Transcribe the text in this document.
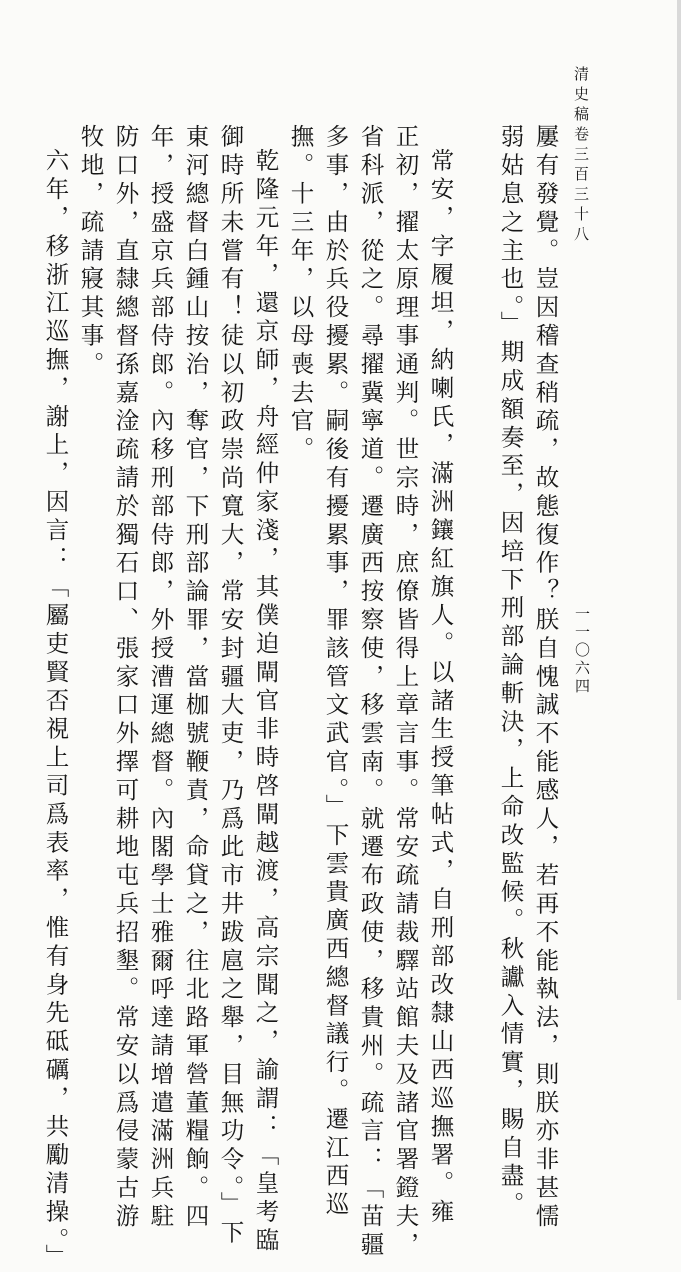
清史稿卷三百三十八
一一〇六四
屢有發覺。豈因稽查稍疏，故態復作？朕自愧誠不能感人，若再不能執法，則朕亦非甚懦
弱姑息之主也。」期成額奏至，因培下刑部論斬決，上命改監候。秋讞入情實，賜自盡。
常安，字履坦，納喇氏，滿洲鑲紅旗人。以諸生授筆帖式，自刑部改隸山西巡撫署。雍
正初，擢太原理事通判。世宗時，庶僚皆得上章言事。常安疏請裁驛站館夫及諸官署鐙夫，
省科派，從之。尋擢冀寧道。遷廣西按察使，移雲南。就遷布政使，移貴州。疏言：「苗疆
多事，由於兵役擾累。嗣後有擾累事，罪該管文武官。」下雲貴廣西總督議行。遷江西巡
撫。十三年，以母喪去官。
乾隆元年，還京師，舟經仲家淺，其僕迫閘官非時啓閘越渡，高宗聞之，諭謂：「皇考臨
御時所未嘗有！徒以初政崇尚寬大，常安封疆大吏，乃爲此市井跋扈之舉，目無功令。」下
東河總督白鍾山按治，奪官，下刑部論罪，當枷號鞭責，命貸之，往北路軍營董糧餉。四
年，授盛京兵部侍郎。內移刑部侍郎，外授漕運總督。內閣學士雅爾呼達請增遣滿洲兵駐
防口外，直隸總督孫嘉淦疏請於獨石口、張家口外擇可耕地屯兵招墾。常安以爲侵蒙古游
牧地，疏請寢其事。
六年，移浙江巡撫，謝上，因言：「屬吏賢否視上司爲表率，惟有身先砥礪，共勵清操。」
